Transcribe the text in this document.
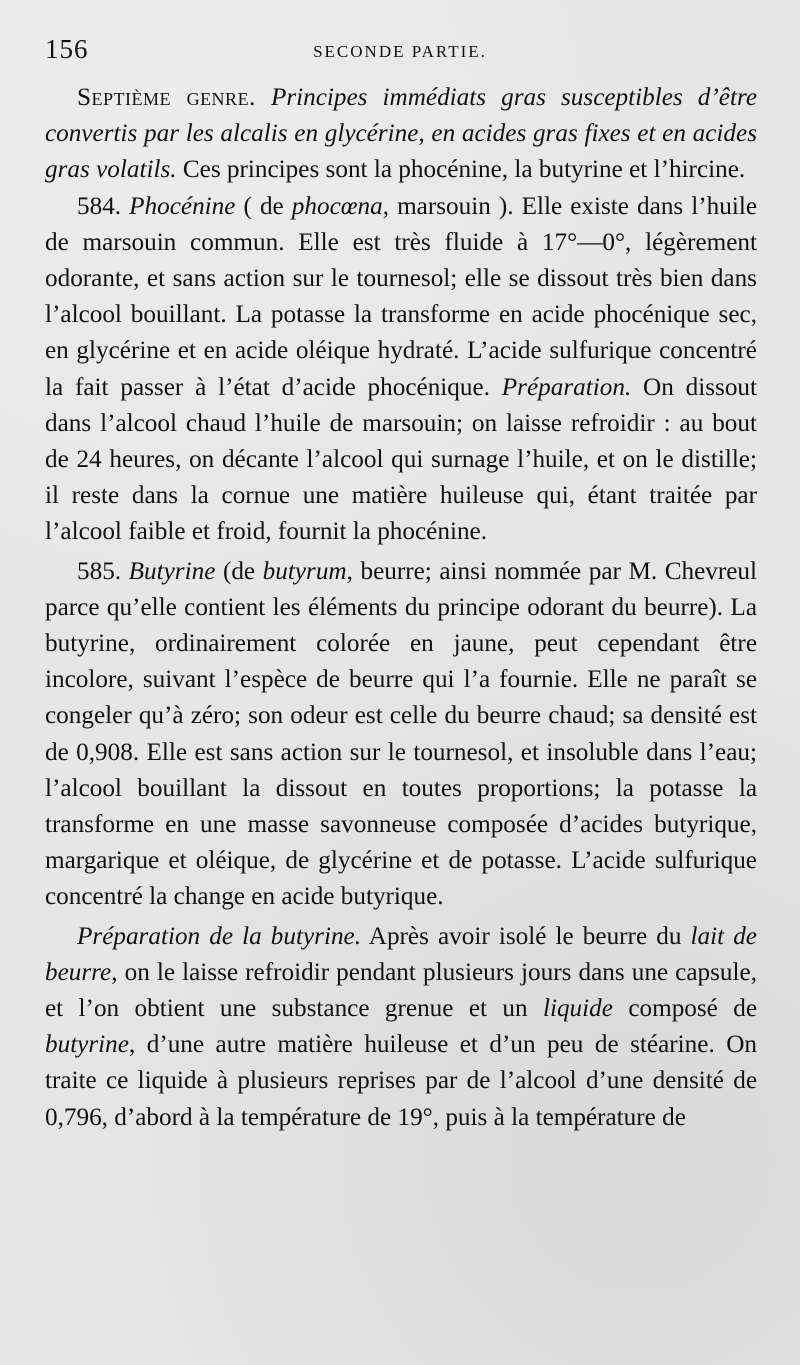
156	SECONDE PARTIE.

Septième genre. Principes immédiats gras susceptibles d’être convertis par les alcalis en glycérine, en acides gras fixes et en acides gras volatils. Ces principes sont la phocénine, la butyrine et l’hircine.

584. Phocénine ( de phocœna, marsouin ). Elle existe dans l’huile de marsouin commun. Elle est très fluide à 17°—0°, légèrement odorante, et sans action sur le tournesol; elle se dissout très bien dans l’alcool bouillant. La potasse la transforme en acide phocénique sec, en glycérine et en acide oléique hydraté. L’acide sulfurique concentré la fait passer à l’état d’acide phocénique. Préparation. On dissout dans l’alcool chaud l’huile de marsouin; on laisse refroidir : au bout de 24 heures, on décante l’alcool qui surnage l’huile, et on le distille; il reste dans la cornue une matière huileuse qui, étant traitée par l’alcool faible et froid, fournit la phocénine.

585. Butyrine (de butyrum, beurre; ainsi nommée par M. Chevreul parce qu’elle contient les éléments du principe odorant du beurre). La butyrine, ordinairement colorée en jaune, peut cependant être incolore, suivant l’espèce de beurre qui l’a fournie. Elle ne paraît se congeler qu’à zéro; son odeur est celle du beurre chaud; sa densité est de 0,908. Elle est sans action sur le tournesol, et insoluble dans l’eau; l’alcool bouillant la dissout en toutes proportions; la potasse la transforme en une masse savonneuse composée d’acides butyrique, margarique et oléique, de glycérine et de potasse. L’acide sulfurique concentré la change en acide butyrique.

Préparation de la butyrine. Après avoir isolé le beurre du lait de beurre, on le laisse refroidir pendant plusieurs jours dans une capsule, et l’on obtient une substance grenue et un liquide composé de butyrine, d’une autre matière huileuse et d’un peu de stéarine. On traite ce liquide à plusieurs reprises par de l’alcool d’une densité de 0,796, d’abord à la température de 19°, puis à la température de
